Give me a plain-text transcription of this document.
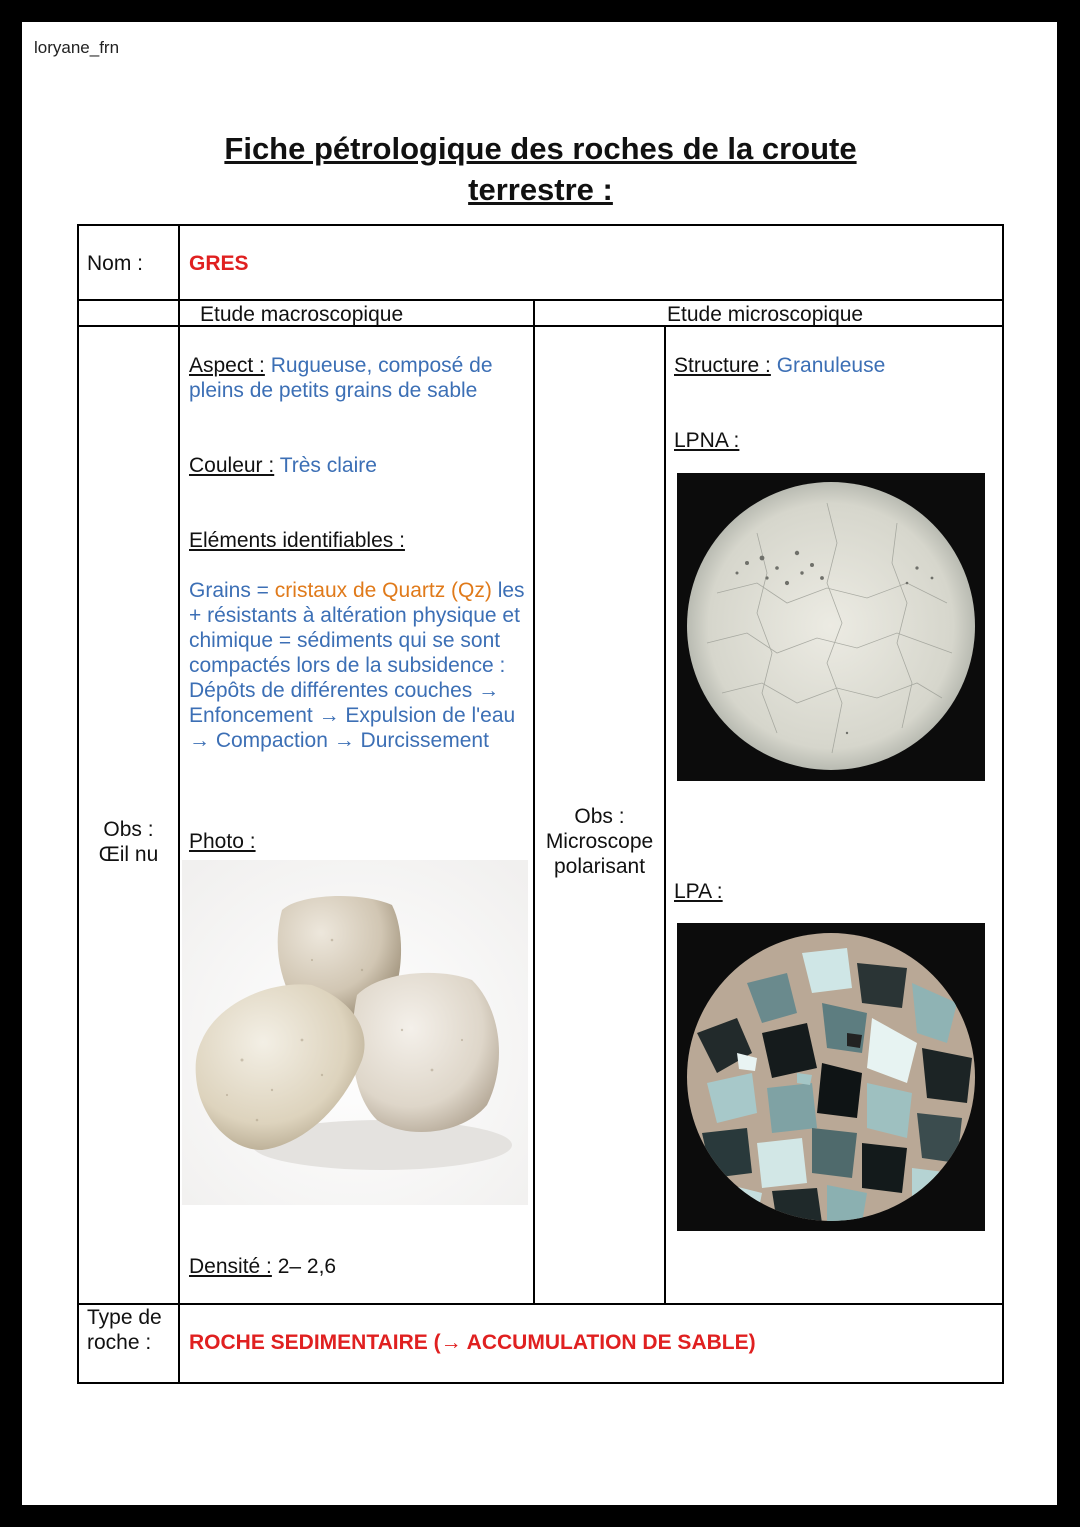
loryane_frn
Fiche pétrologique des roches de la croute terrestre :
Nom : GRES
Etude macroscopique	Etude microscopique
Obs :
Œil nu
Obs :
Microscope
polarisant
Aspect : Rugueuse, composé de pleins de petits grains de sable
Couleur : Très claire
Eléments identifiables :
Grains = cristaux de Quartz (Qz) les + résistants à altération physique et chimique = sédiments qui se sont compactés lors de la subsidence :
Dépôts de différentes couches → Enfoncement → Expulsion de l'eau → Compaction → Durcissement
Photo :
Densité : 2– 2,6
Structure : Granuleuse
LPNA :
LPA :
Type de roche :	ROCHE SEDIMENTAIRE (→ ACCUMULATION DE SABLE)
